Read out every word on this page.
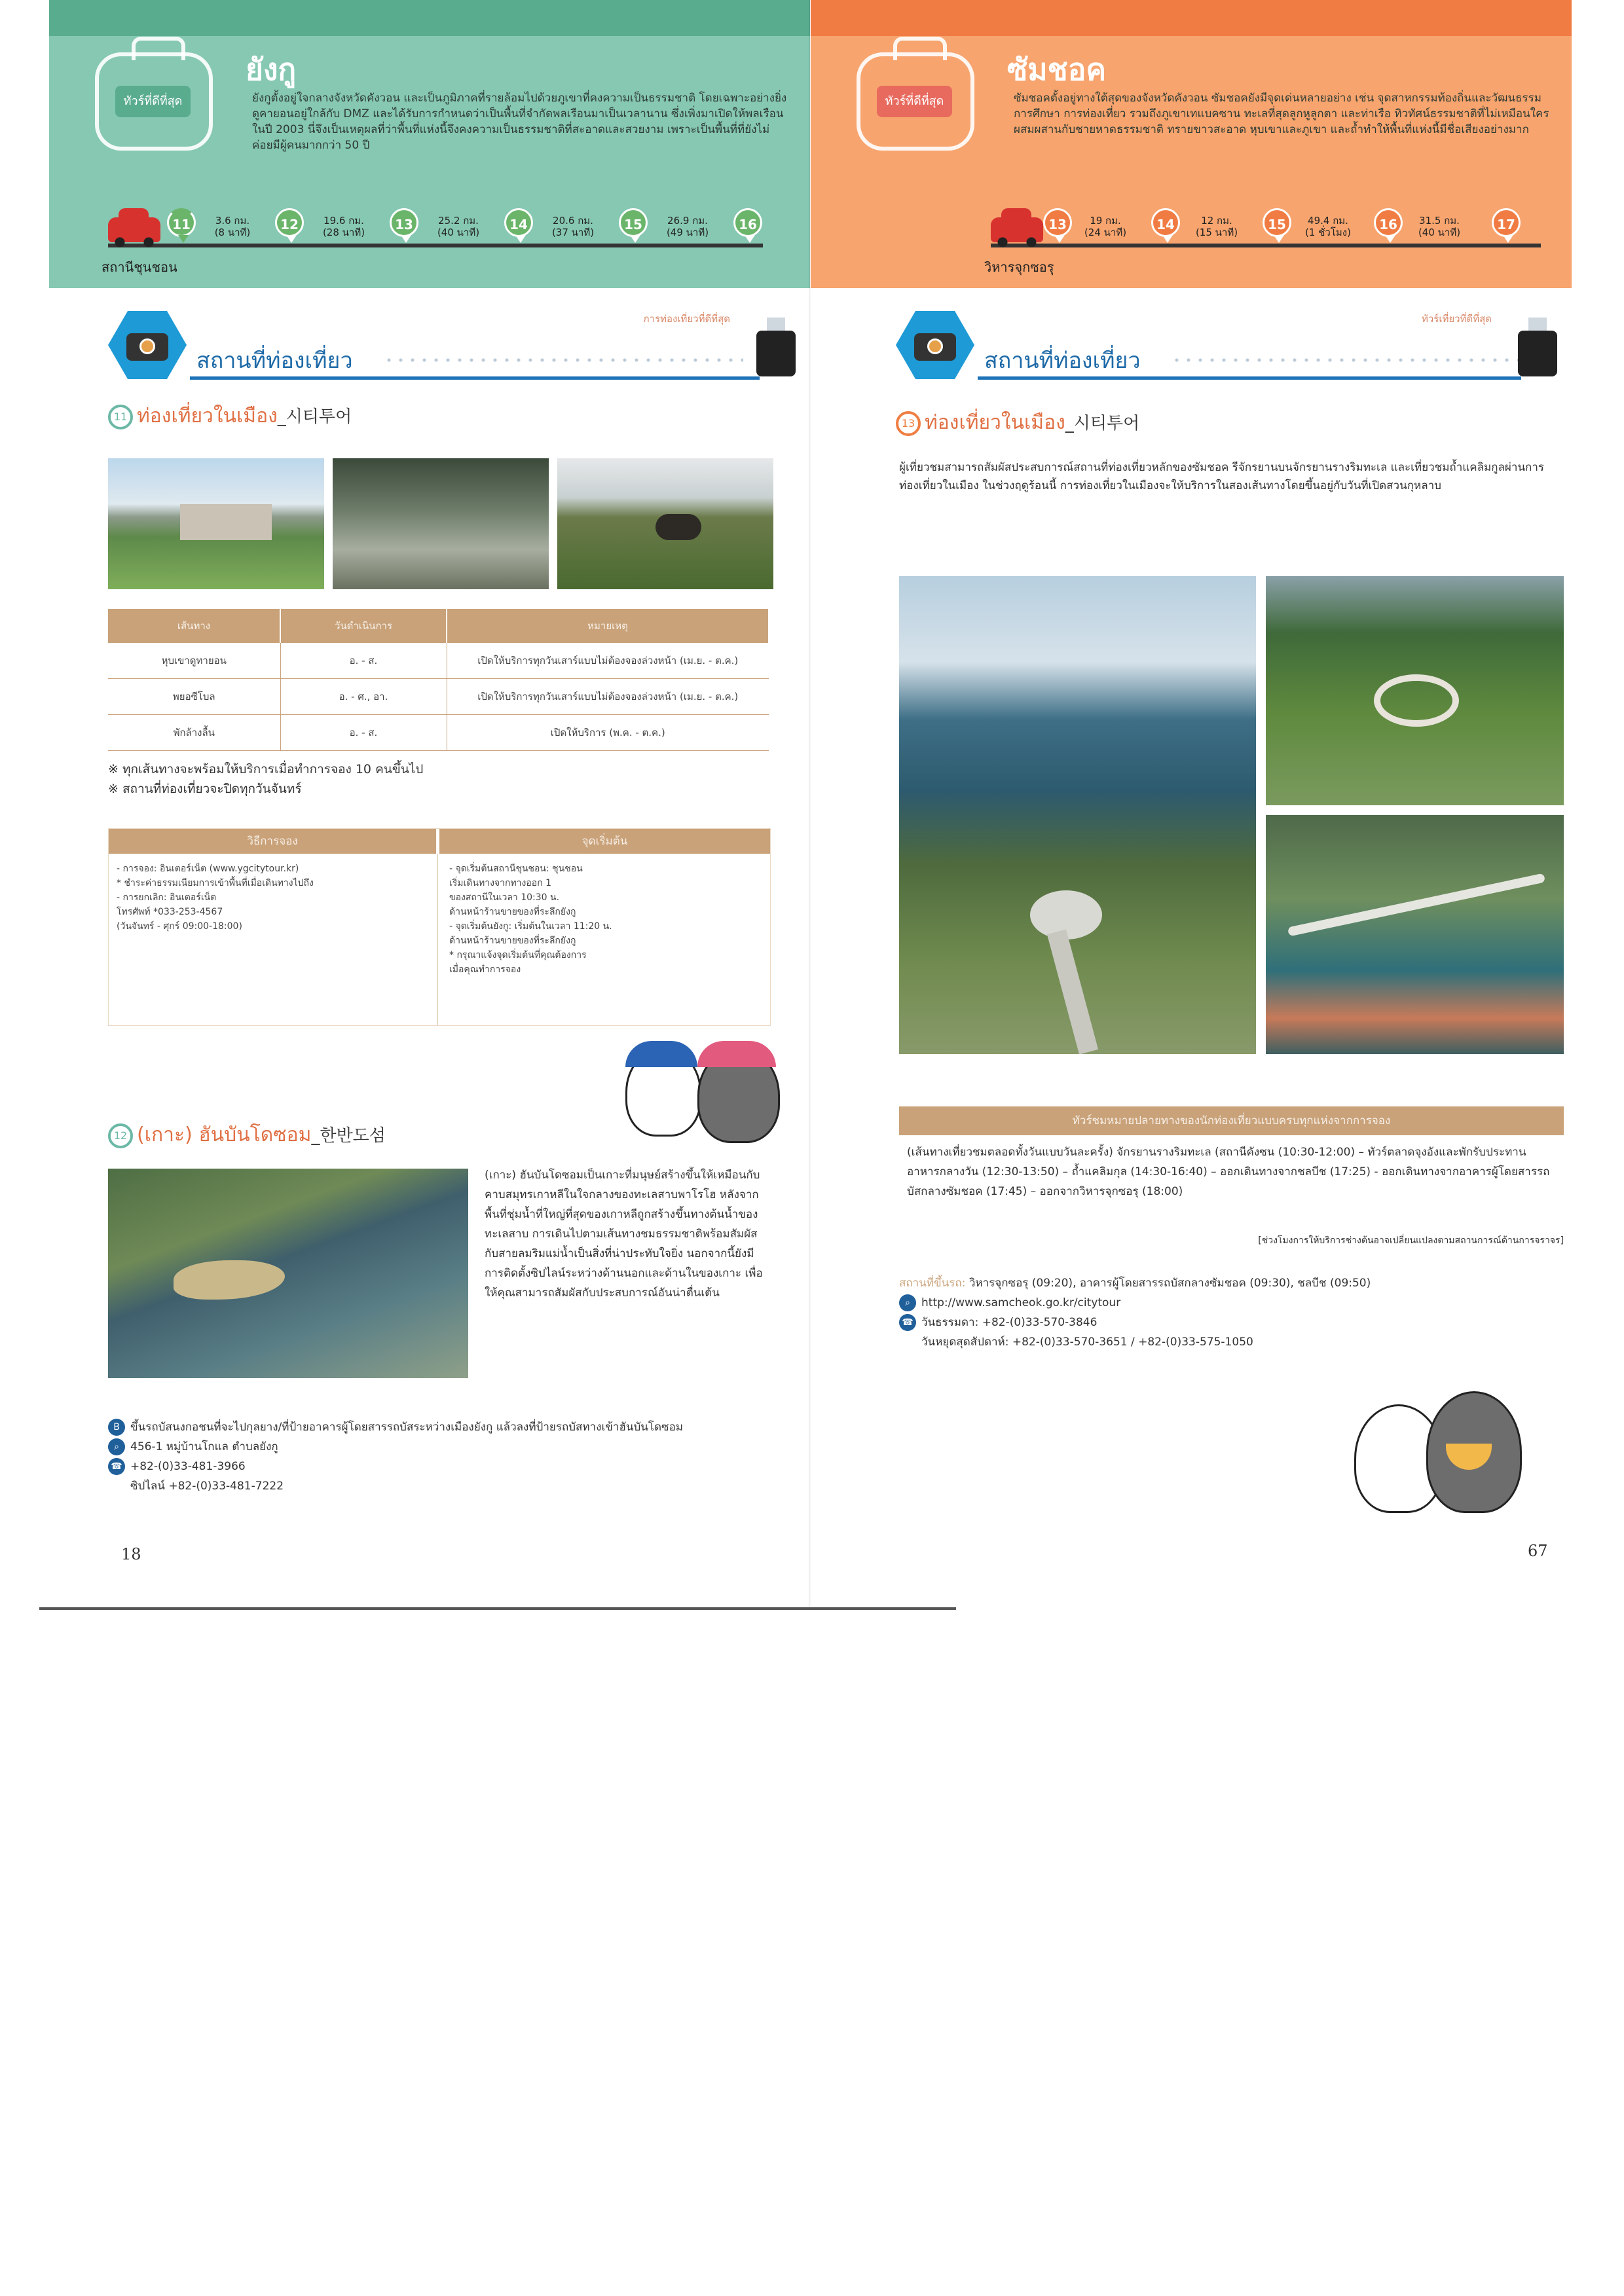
ทัวร์ที่ดีที่สุด
ยังกู

ยังกูตั้งอยู่ใจกลางจังหวัดคังวอน และเป็นภูมิภาคที่รายล้อมไปด้วยภูเขาที่คงความเป็นธรรมชาติ โดยเฉพาะอย่างยิ่ง ดูคายอนอยู่ใกล้กับ DMZ และได้รับการกำหนดว่าเป็นพื้นที่จำกัดพลเรือนมาเป็นเวลานาน ซึ่งเพิ่งมาเปิดให้พลเรือนในปี 2003 นี่จึงเป็นเหตุผลที่ว่าพื้นที่แห่งนี้จึงคงความเป็นธรรมชาติที่สะอาดและสวยงาม เพราะเป็นพื้นที่ที่ยังไม่ค่อยมีผู้คนมากกว่า 50 ปี

11	3.6 กม.
(8 นาที)	12	19.6 กม.
(28 นาที)	13	25.2 กม.
(40 นาที)	14	20.6 กม.
(37 นาที)	15	26.9 กม.
(49 นาที)	16
สถานีชุนชอน
สถานที่ท่องเที่ยว
การท่องเที่ยวที่ดีที่สุด
11 ท่องเที่ยวในเมือง_시티투어
เส้นทาง	วันดำเนินการ	หมายเหตุ
หุบเขาดูทายอน	อ. - ส.	เปิดให้บริการทุกวันเสาร์แบบไม่ต้องจองล่วงหน้า (เม.ย. - ต.ค.)
พยอซีโบล	อ. - ศ., อา.	เปิดให้บริการทุกวันเสาร์แบบไม่ต้องจองล่วงหน้า (เม.ย. - ต.ค.)
พักล้างลื้น	อ. - ส.	เปิดให้บริการ (พ.ค. - ต.ค.)
※ ทุกเส้นทางจะพร้อมให้บริการเมื่อทำการจอง 10 คนขึ้นไป
※ สถานที่ท่องเที่ยวจะปิดทุกวันจันทร์
วิธีการจอง	จุดเริ่มต้น
- การจอง: อินเตอร์เน็ต (www.ygcitytour.kr)
* ชำระค่าธรรมเนียมการเข้าพื้นที่เมื่อเดินทางไปถึง
- การยกเลิก: อินเตอร์เน็ต
โทรศัพท์ *033-253-4567
(วันจันทร์ - ศุกร์ 09:00-18:00)
- จุดเริ่มต้นสถานีชุนชอน: ชุนชอน
เริ่มเดินทางจากทางออก 1
ของสถานีในเวลา 10:30 น.
ด้านหน้าร้านขายของที่ระลึกยังกู
- จุดเริ่มต้นยังกู: เริ่มต้นในเวลา 11:20 น.
ด้านหน้าร้านขายของที่ระลึกยังกู
* กรุณาแจ้งจุดเริ่มต้นที่คุณต้องการ
เมื่อคุณทำการจอง
12 (เกาะ) ฮันบันโดซอม_한반도섬
(เกาะ) ฮันบันโดซอมเป็นเกาะที่มนุษย์สร้างขึ้นให้เหมือนกับคาบสมุทรเกาหลีในใจกลางของทะเลสาบพาโรโฮ หลังจากพื้นที่ชุ่มน้ำที่ใหญ่ที่สุดของเกาหลีถูกสร้างขึ้นทางต้นน้ำของทะเลสาบ การเดินไปตามเส้นทางชมธรรมชาติพร้อมสัมผัสกับสายลมริมแม่น้ำเป็นสิ่งที่น่าประทับใจยิ่ง นอกจากนี้ยังมีการติดตั้งซิปไลน์ระหว่างด้านนอกและด้านในของเกาะ เพื่อให้คุณสามารถสัมผัสกับประสบการณ์อันน่าตื่นเต้น
B ขึ้นรถบัสนงกอชนที่จะไปกุลยาง/ที่ป้ายอาคารผู้โดยสารรถบัสระหว่างเมืองยังกู แล้วลงที่ป้ายรถบัสทางเข้าฮันบันโดซอม
⌕ 456-1 หมู่บ้านโกแล ตำบลยังกู
☎ +82-(0)33-481-3966
ซิปไลน์ +82-(0)33-481-7222
18
ทัวร์ที่ดีที่สุด
ซัมชอค

ซัมชอคตั้งอยู่ทางใต้สุดของจังหวัดคังวอน ซัมชอคยังมีจุดเด่นหลายอย่าง เช่น จุดสาหกรรมท้องถิ่นและวัฒนธรรม การศึกษา การท่องเที่ยว รวมถึงภูเขาเทแบคซาน ทะเลที่สุดลูกหูลูกตา และท่าเรือ ทิวทัศน์ธรรมชาติที่ไม่เหมือนใครผสมผสานกับชายหาดธรรมชาติ ทรายขาวสะอาด หุบเขาและภูเขา และถ้ำทำให้พื้นที่แห่งนี้มีชื่อเสียงอย่างมาก

13	19 กม.
(24 นาที)	14	12 กม.
(15 นาที)	15	49.4 กม.
(1 ชั่วโมง)	16	31.5 กม.
(40 นาที)	17
วิหารจุกซอรุ
สถานที่ท่องเที่ยว
ทัวร์เที่ยวที่ดีที่สุด
13 ท่องเที่ยวในเมือง_시티투어
ผู้เที่ยวชมสามารถสัมผัสประสบการณ์สถานที่ท่องเที่ยวหลักของซัมชอค รีจักรยานบนจักรยานรางริมทะเล และเที่ยวชมถ้ำแคลิมกูลผ่านการท่องเที่ยวในเมือง ในช่วงฤดูร้อนนี้ การท่องเที่ยวในเมืองจะให้บริการในสองเส้นทางโดยขึ้นอยู่กับวันที่เปิดสวนกุหลาบ
ทัวร์ชมหมายปลายทางของนักท่องเที่ยวแบบครบทุกแห่งจากการจอง
(เส้นทางเที่ยวชมตลอดทั้งวันแบบวันละครั้ง) จักรยานรางริมทะเล (สถานีคังซน (10:30-12:00) – ทัวร์ตลาดจุงอังและพักรับประทานอาหารกลางวัน (12:30-13:50) – ถ้ำแคลิมกุล (14:30-16:40) – ออกเดินทางจากชลบีช (17:25) - ออกเดินทางจากอาคารผู้โดยสารรถบัสกลางซัมชอค (17:45) – ออกจากวิหารจุกซอรุ (18:00)
[ช่วงโมงการให้บริการช่างต้นอาจเปลี่ยนแปลงตามสถานการณ์ด้านการจราจร]
สถานที่ขึ้นรถ: วิหารจุกซอรุ (09:20), อาคารผู้โดยสารรถบัสกลางซัมชอค (09:30), ชลบีช (09:50)
⌕ http://www.samcheok.go.kr/citytour
☎ วันธรรมดา: +82-(0)33-570-3846
วันหยุดสุดสัปดาห์: +82-(0)33-570-3651 / +82-(0)33-575-1050
67
